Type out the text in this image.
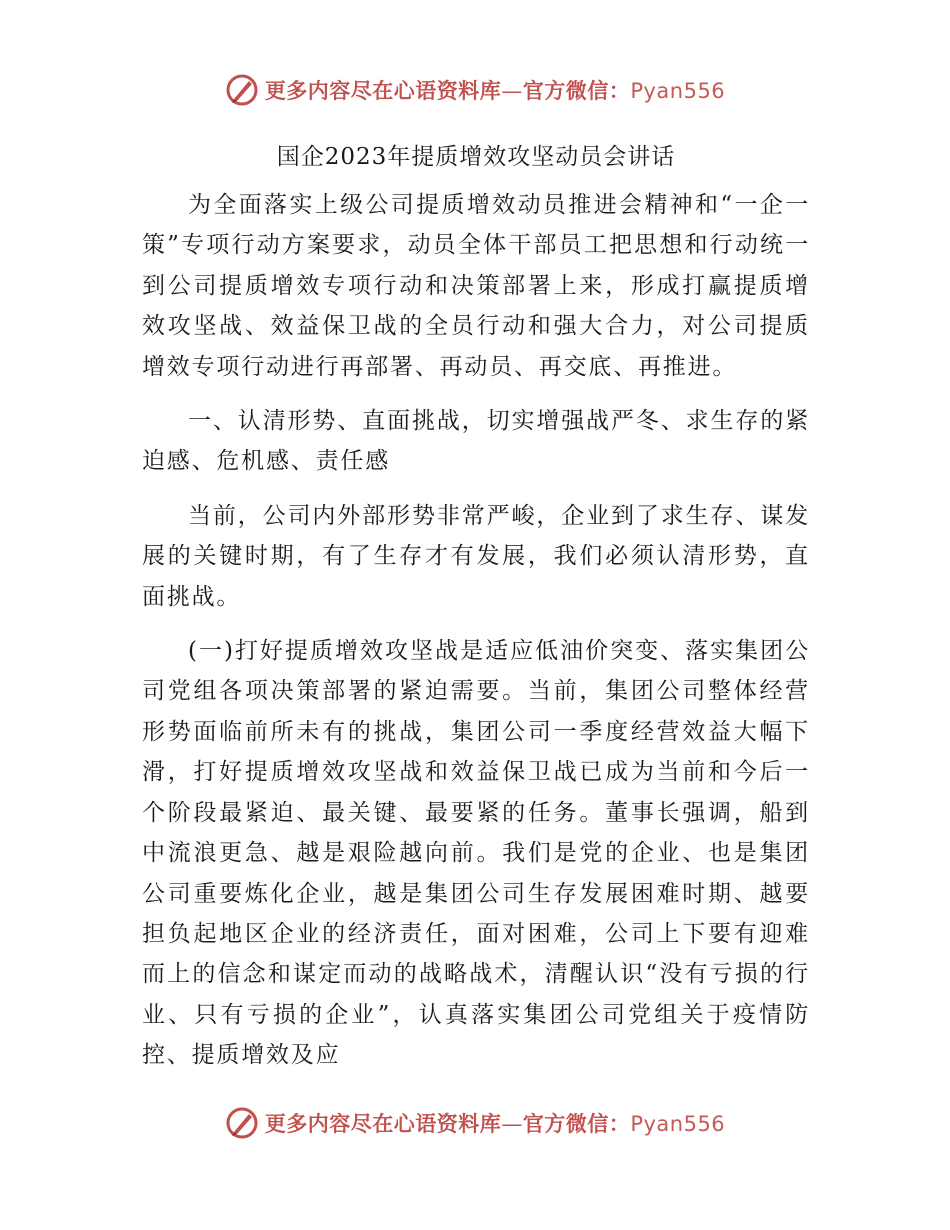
更多内容尽在心语资料库—官方微信：Pyan556
国企2023年提质增效攻坚动员会讲话

为全面落实上级公司提质增效动员推进会精神和“一企一策”专项行动方案要求，动员全体干部员工把思想和行动统一到公司提质增效专项行动和决策部署上来，形成打赢提质增效攻坚战、效益保卫战的全员行动和强大合力，对公司提质增效专项行动进行再部署、再动员、再交底、再推进。

一、认清形势、直面挑战，切实增强战严冬、求生存的紧迫感、危机感、责任感

当前，公司内外部形势非常严峻，企业到了求生存、谋发展的关键时期，有了生存才有发展，我们必须认清形势，直面挑战。

(一)打好提质增效攻坚战是适应低油价突变、落实集团公司党组各项决策部署的紧迫需要。当前，集团公司整体经营形势面临前所未有的挑战，集团公司一季度经营效益大幅下滑，打好提质增效攻坚战和效益保卫战已成为当前和今后一个阶段最紧迫、最关键、最要紧的任务。董事长强调，船到中流浪更急、越是艰险越向前。我们是党的企业、也是集团公司重要炼化企业，越是集团公司生存发展困难时期、越要担负起地区企业的经济责任，面对困难，公司上下要有迎难而上的信念和谋定而动的战略战术，清醒认识“没有亏损的行业、只有亏损的企业”，认真落实集团公司党组关于疫情防控、提质增效及应

更多内容尽在心语资料库—官方微信：Pyan556
